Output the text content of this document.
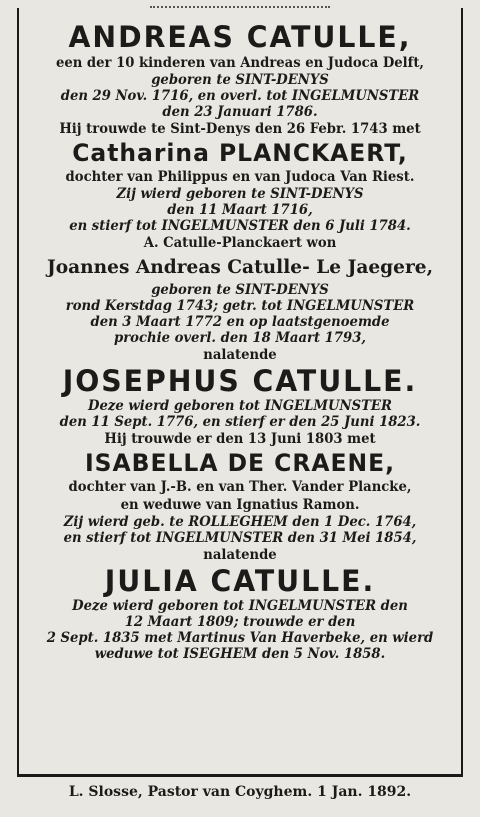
ANDREAS CATULLE,
een der 10 kinderen van Andreas en Judoca Delft,
geboren te SINT-DENYS
den 29 Nov. 1716, en overl. tot INGELMUNSTER
den 23 Januari 1786.
Hij trouwde te Sint-Denys den 26 Febr. 1743 met
Catharina PLANCKAERT,
dochter van Philippus en van Judoca Van Riest.
Zij wierd geboren te SINT-DENYS
den 11 Maart 1716,
en stierf tot INGELMUNSTER den 6 Juli 1784.
A. Catulle-Planckaert won
Joannes Andreas Catulle- Le Jaegere,
geboren te SINT-DENYS
rond Kerstdag 1743; getr. tot INGELMUNSTER
den 3 Maart 1772 en op laatstgenoemde
prochie overl. den 18 Maart 1793,
nalatende
JOSEPHUS CATULLE.
Deze wierd geboren tot INGELMUNSTER
den 11 Sept. 1776, en stierf er den 25 Juni 1823.
Hij trouwde er den 13 Juni 1803 met
ISABELLA DE CRAENE,
dochter van J.-B. en van Ther. Vander Plancke,
en weduwe van Ignatius Ramon.
Zij wierd geb. te ROLLEGHEM den 1 Dec. 1764,
en stierf tot INGELMUNSTER den 31 Mei 1854,
nalatende
JULIA CATULLE.
Deze wierd geboren tot INGELMUNSTER den
12 Maart 1809; trouwde er den
2 Sept. 1835 met Martinus Van Haverbeke, en wierd
weduwe tot ISEGHEM den 5 Nov. 1858.
L. Slosse, Pastor van Coyghem. 1 Jan. 1892.
